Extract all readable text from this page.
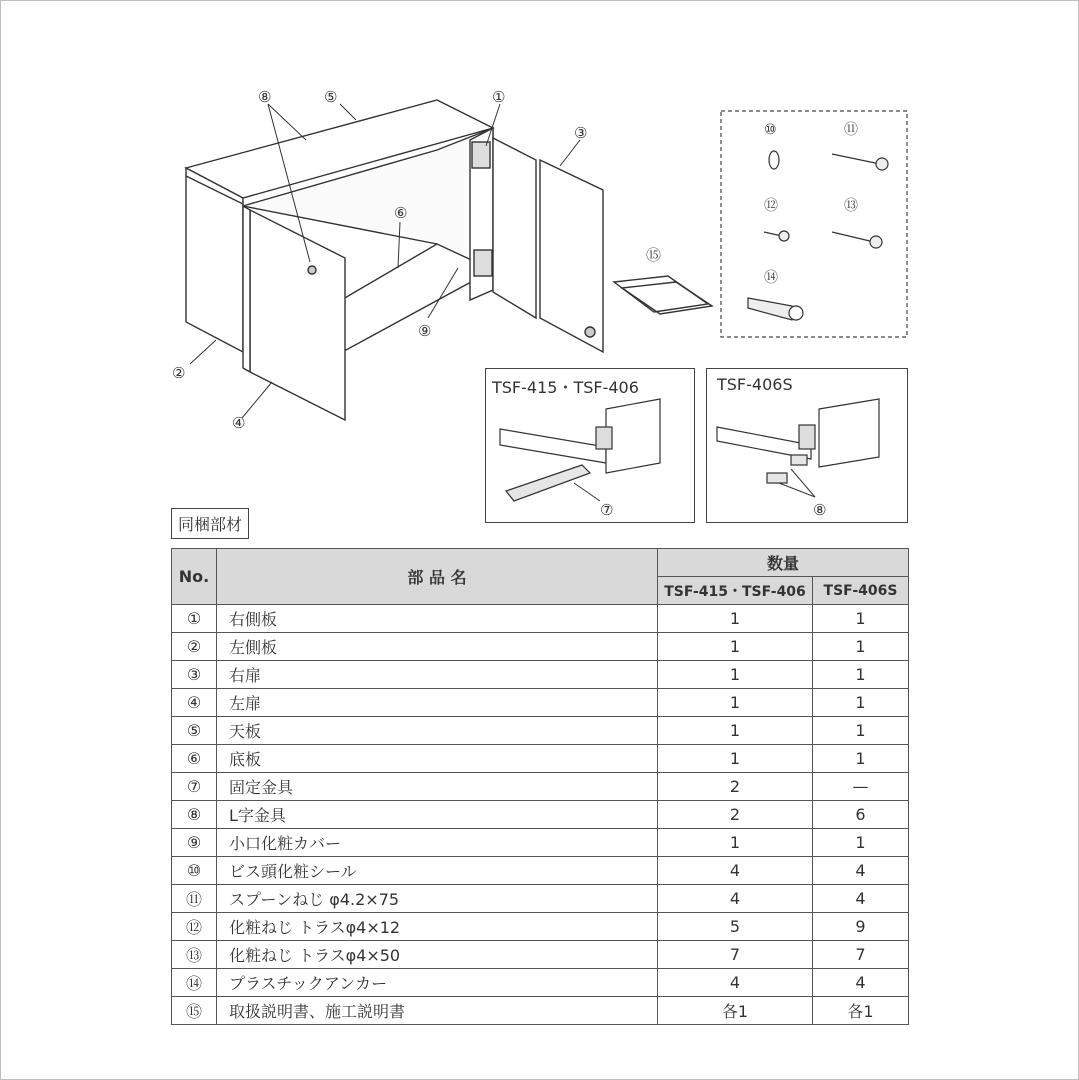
⑧	⑤	①
③
⑥
⑨
②
④
⑮
⑩	⑪
⑫	⑬
⑭
TSF-415・TSF-406
⑦
TSF-406S
⑧
同梱部材
No.	部 品 名	数量	
		TSF-415・TSF-406	TSF-406S
①	右側板	1	1
②	左側板	1	1
③	右扉	1	1
④	左扉	1	1
⑤	天板	1	1
⑥	底板	1	1
⑦	固定金具	2	—
⑧	L字金具	2	6
⑨	小口化粧カバー	1	1
⑩	ビス頭化粧シール	4	4
⑪	スプーンねじ φ4.2×75	4	4
⑫	化粧ねじ トラスφ4×12	5	9
⑬	化粧ねじ トラスφ4×50	7	7
⑭	プラスチックアンカー	4	4
⑮	取扱説明書、施工説明書	各1	各1
